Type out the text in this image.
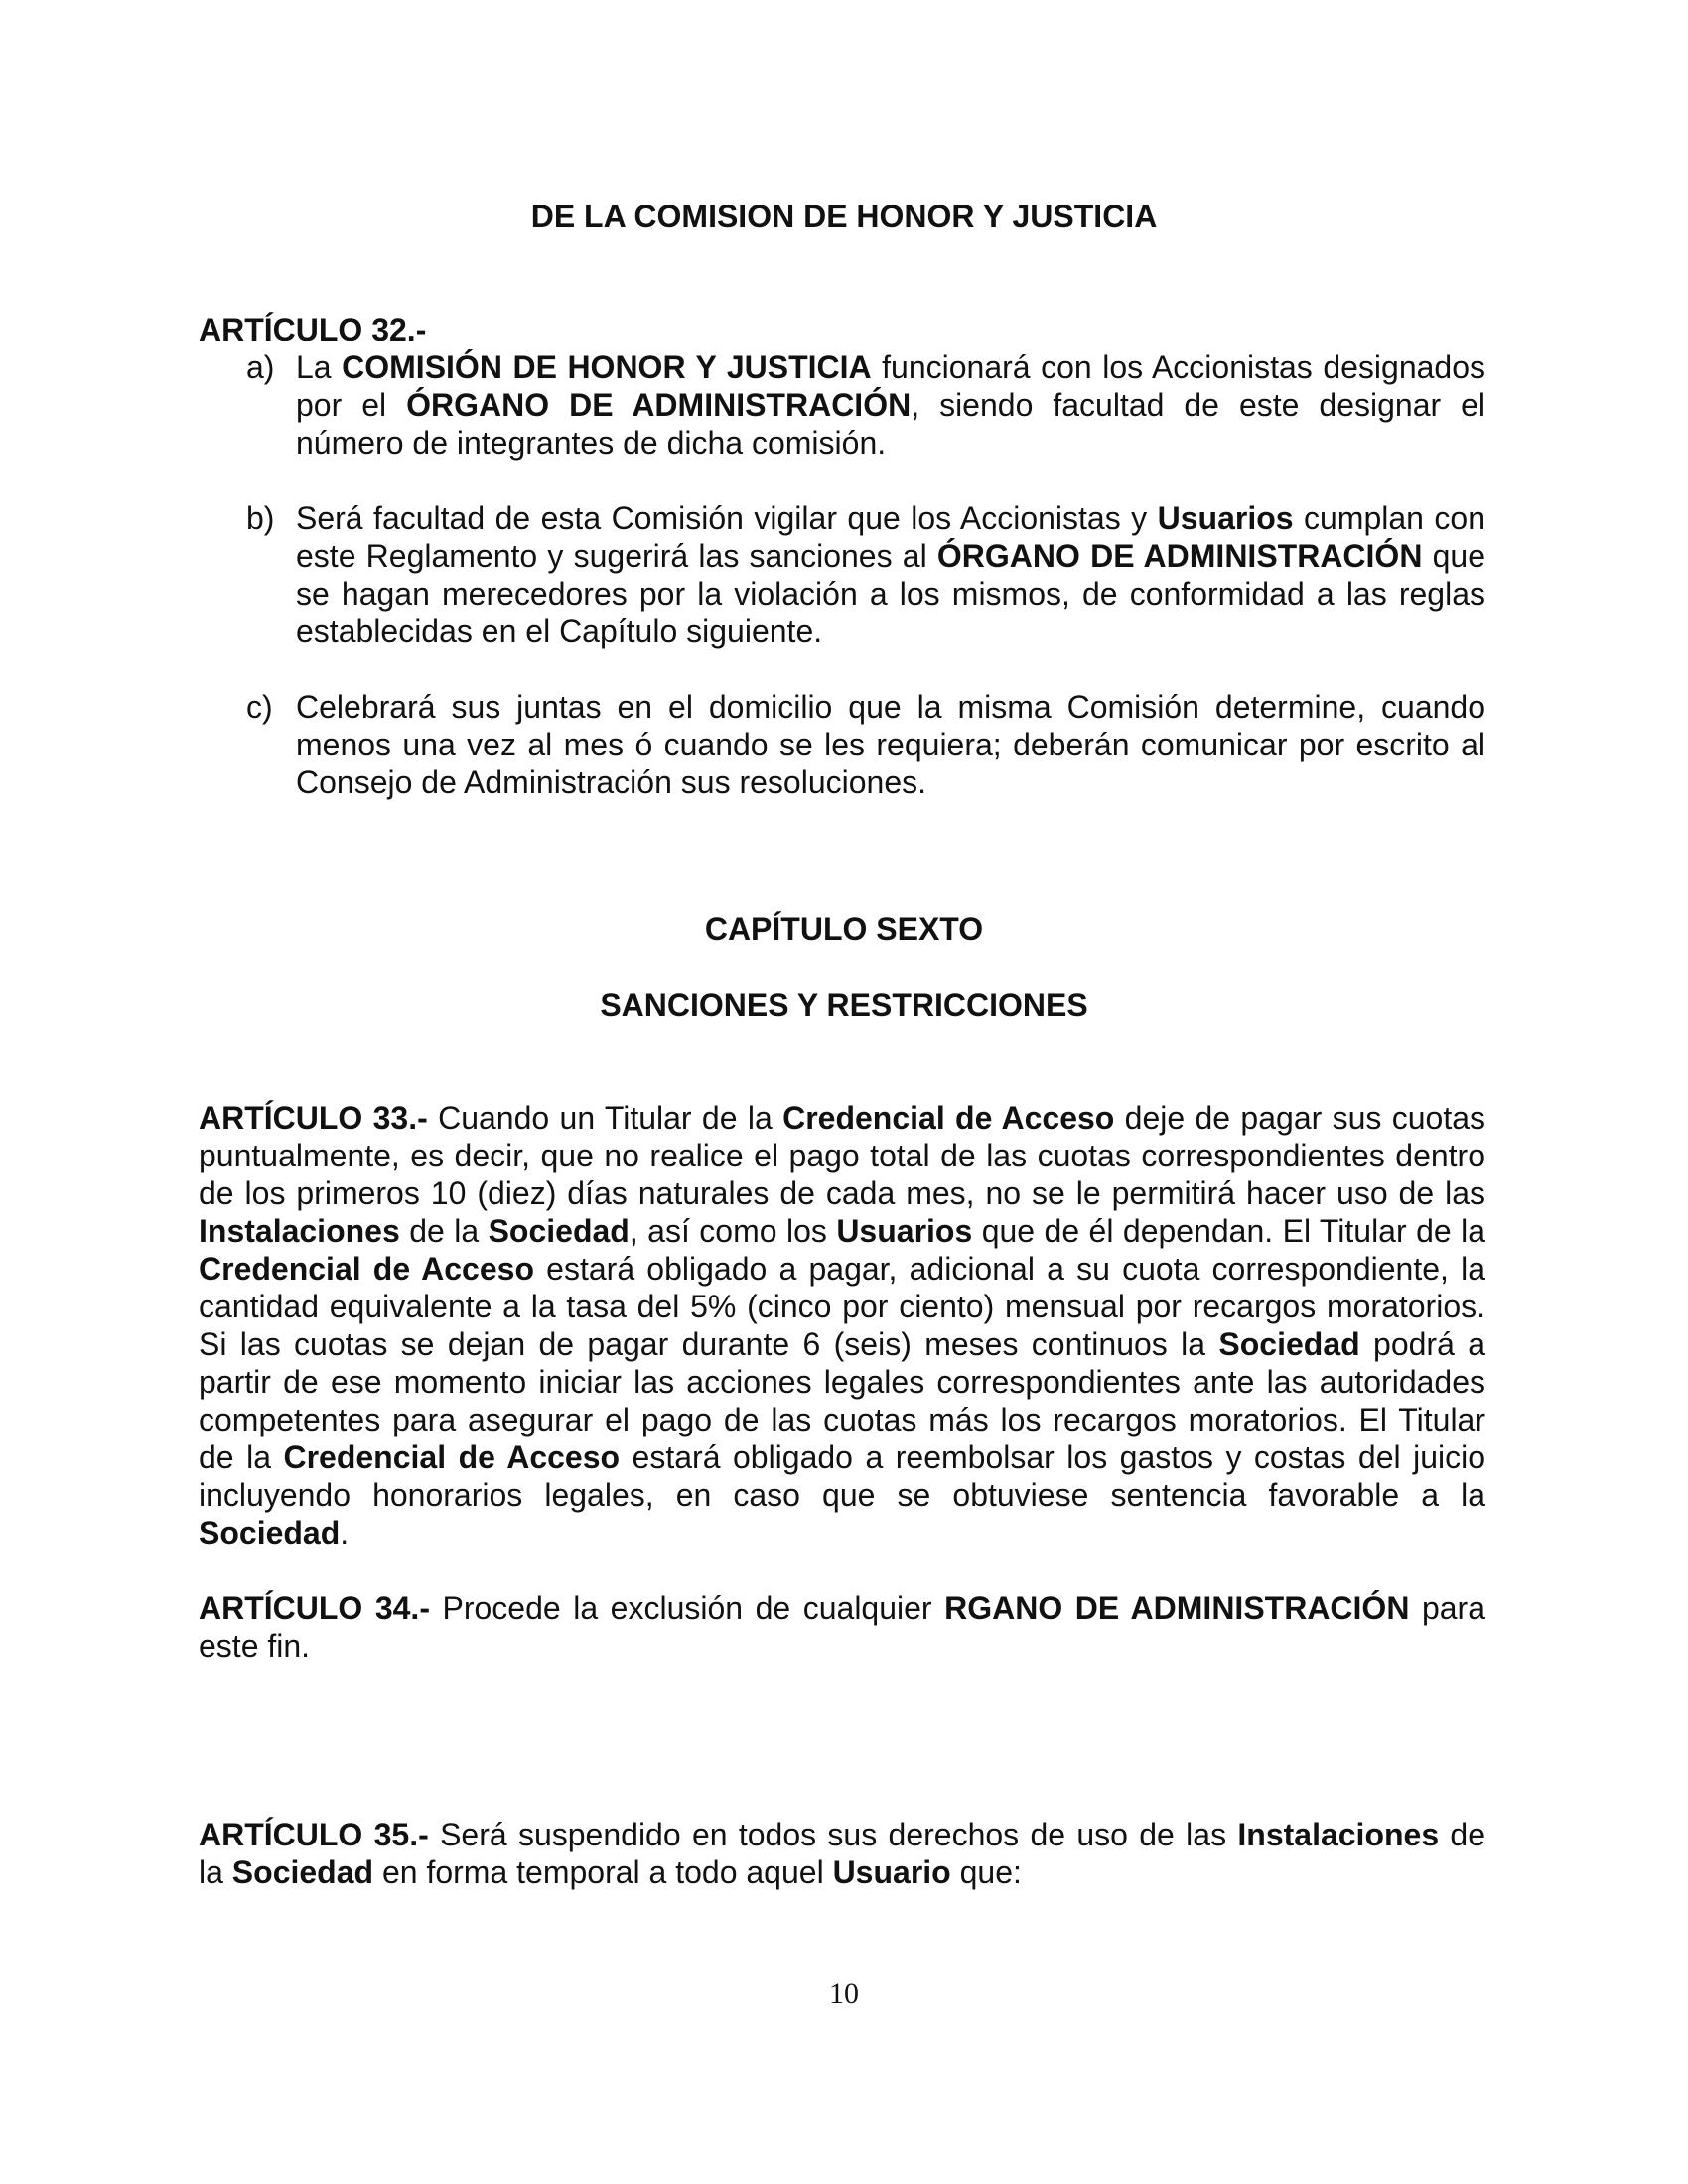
DE LA COMISION DE HONOR Y JUSTICIA
ARTÍCULO 32.-
a) La COMISIÓN DE HONOR Y JUSTICIA funcionará con los Accionistas designados por el ÓRGANO DE ADMINISTRACIÓN, siendo facultad de este designar el número de integrantes de dicha comisión.
b) Será facultad de esta Comisión vigilar que los Accionistas y Usuarios cumplan con este Reglamento y sugerirá las sanciones al ÓRGANO DE ADMINISTRACIÓN que se hagan merecedores por la violación a los mismos, de conformidad a las reglas establecidas en el Capítulo siguiente.
c) Celebrará sus juntas en el domicilio que la misma Comisión determine, cuando menos una vez al mes ó cuando se les requiera; deberán comunicar por escrito al Consejo de Administración sus resoluciones.
CAPÍTULO SEXTO
SANCIONES Y RESTRICCIONES
ARTÍCULO 33.- Cuando un Titular de la Credencial de Acceso deje de pagar sus cuotas puntualmente, es decir, que no realice el pago total de las cuotas correspondientes dentro de los primeros 10 (diez) días naturales de cada mes, no se le permitirá hacer uso de las Instalaciones de la Sociedad, así como los Usuarios que de él dependan. El Titular de la Credencial de Acceso estará obligado a pagar, adicional a su cuota correspondiente, la cantidad equivalente a la tasa del 5% (cinco por ciento) mensual por recargos moratorios. Si las cuotas se dejan de pagar durante 6 (seis) meses continuos la Sociedad podrá a partir de ese momento iniciar las acciones legales correspondientes ante las autoridades competentes para asegurar el pago de las cuotas más los recargos moratorios. El Titular de la Credencial de Acceso estará obligado a reembolsar los gastos y costas del juicio incluyendo honorarios legales, en caso que se obtuviese sentencia favorable a la Sociedad.
ARTÍCULO 34.- Procede la exclusión de cualquier RGANO DE ADMINISTRACIÓN para este fin.
ARTÍCULO 35.- Será suspendido en todos sus derechos de uso de las Instalaciones de la Sociedad en forma temporal a todo aquel Usuario que:
10
